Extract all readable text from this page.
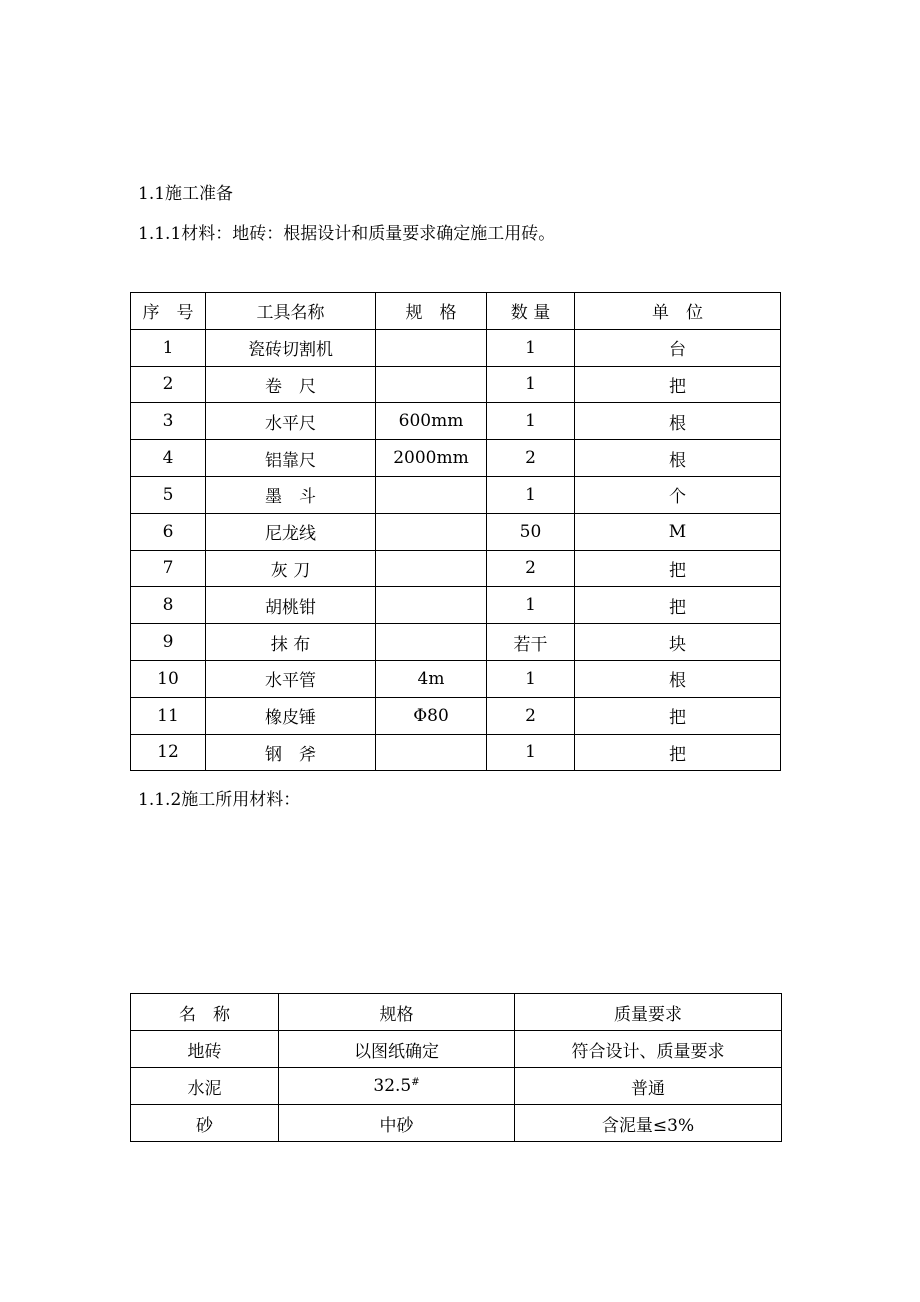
1.1施工准备
1.1.1材料：地砖：根据设计和质量要求确定施工用砖。
序　号	工具名称	规　格	数 量	单　位
1	瓷砖切割机		1	台
2	卷　尺		1	把
3	水平尺	600mm	1	根
4	铝靠尺	2000mm	2	根
5	墨　斗		1	个
6	尼龙线		50	M
7	灰 刀		2	把
8	胡桃钳		1	把
9	抹 布		若干	块
10	水平管	4m	1	根
11	橡皮锤	Φ80	2	把
12	钢　斧		1	把
1.1.2施工所用材料：
名　称	规格	质量要求
地砖	以图纸确定	符合设计、质量要求
水泥	32.5#	普通
砂	中砂	含泥量≤3%
